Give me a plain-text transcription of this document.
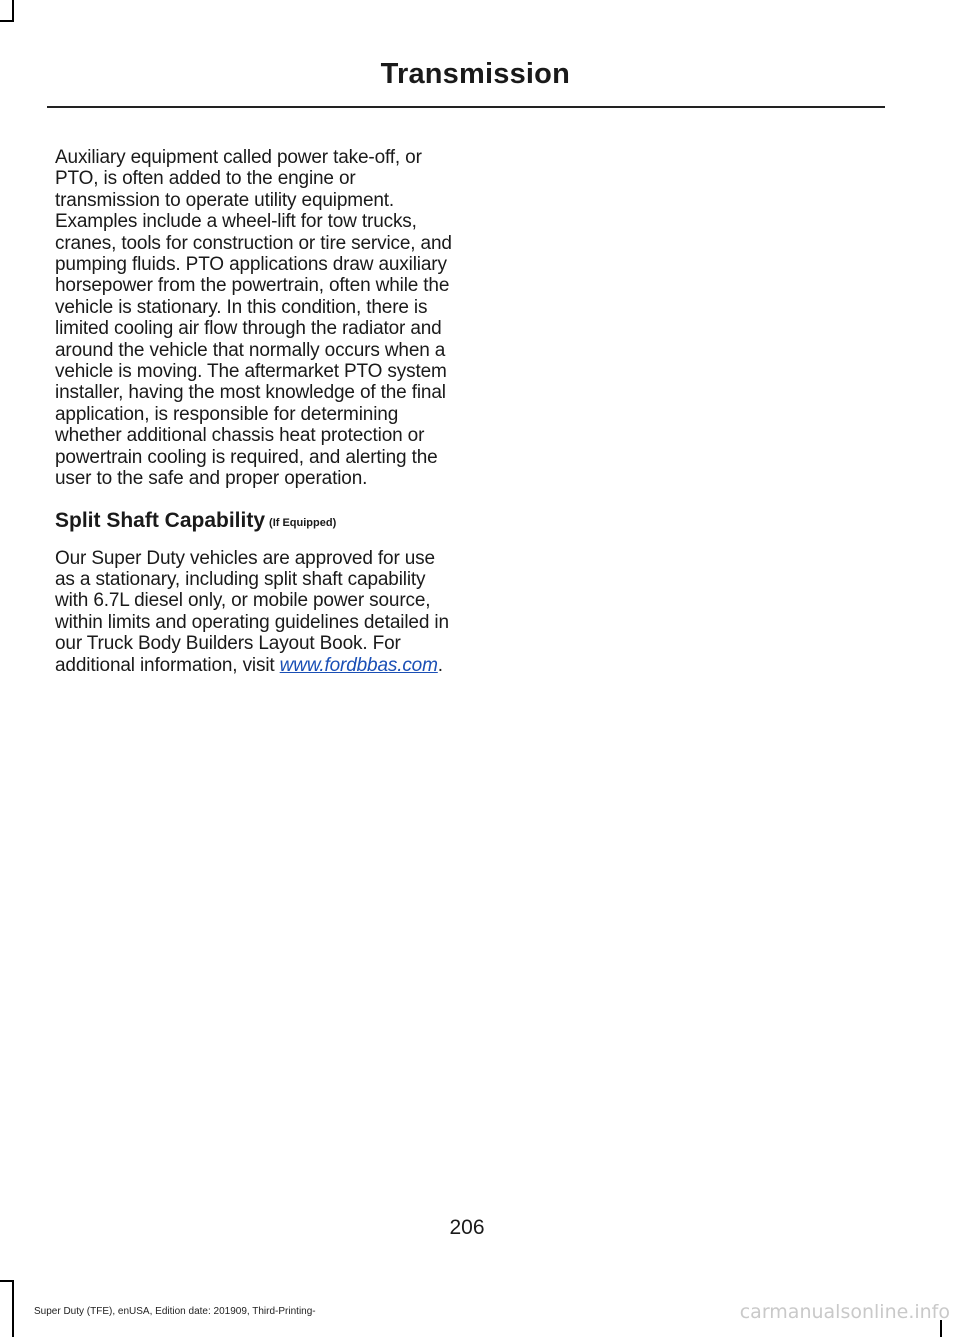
Transmission

Auxiliary equipment called power take-off, or PTO, is often added to the engine or transmission to operate utility equipment. Examples include a wheel-lift for tow trucks, cranes, tools for construction or tire service, and pumping fluids. PTO applications draw auxiliary horsepower from the powertrain, often while the vehicle is stationary. In this condition, there is limited cooling air flow through the radiator and around the vehicle that normally occurs when a vehicle is moving. The aftermarket PTO system installer, having the most knowledge of the final application, is responsible for determining whether additional chassis heat protection or powertrain cooling is required, and alerting the user to the safe and proper operation.

Split Shaft Capability (If Equipped)

Our Super Duty vehicles are approved for use as a stationary, including split shaft capability with 6.7L diesel only, or mobile power source, within limits and operating guidelines detailed in our Truck Body Builders Layout Book. For additional information, visit www.fordbbas.com.

206
Super Duty (TFE), enUSA, Edition date: 201909, Third-Printing-	carmanualsonline.info
